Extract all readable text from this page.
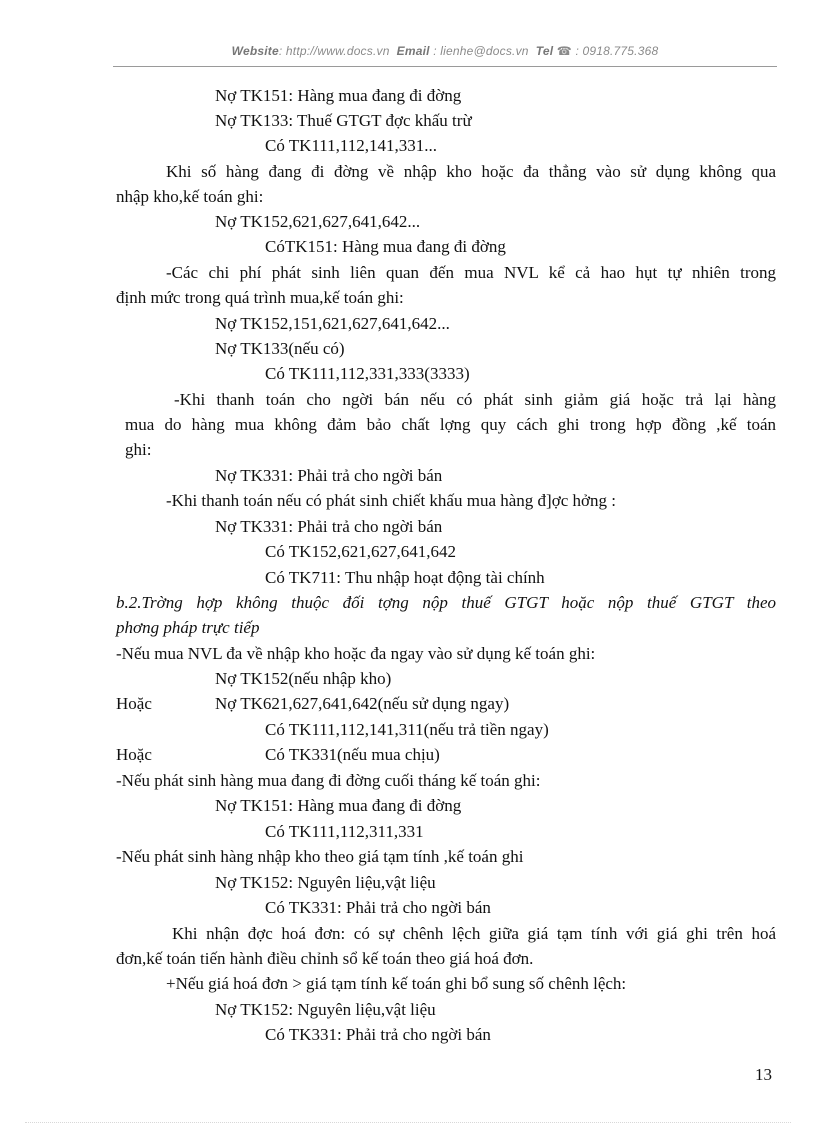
Website: http://www.docs.vn Email : lienhe@docs.vn Tel ☎ : 0918.775.368
Nợ TK151: Hàng mua đang đi đờng
Nợ TK133: Thuế GTGT đợc khấu trừ
Có TK111,112,141,331...
Khi số hàng đang đi đờng về nhập kho hoặc đa thẳng vào sử dụng không qua
nhập kho,kế toán ghi:
Nợ TK152,621,627,641,642...
CóTK151: Hàng mua đang đi đờng
-Các chi phí phát sinh liên quan đến mua NVL kể cả hao hụt tự nhiên trong
định mức trong quá trình mua,kế toán ghi:
Nợ TK152,151,621,627,641,642...
Nợ TK133(nếu có)
Có TK111,112,331,333(3333)
-Khi thanh toán cho ngời bán nếu có phát sinh giảm giá hoặc trả lại hàng
mua do hàng mua không đảm bảo chất lợng quy cách ghi trong hợp đồng ,kế toán
ghi:
Nợ TK331: Phải trả cho ngời bán
-Khi thanh toán nếu có phát sinh chiết khấu mua hàng đ]ợc hởng :
Nợ TK331: Phải trả cho ngời bán
Có TK152,621,627,641,642
Có TK711: Thu nhập hoạt động tài chính
b.2.Trờng hợp không thuộc đối tợng nộp thuế GTGT hoặc nộp thuế GTGT theo
phơng pháp trực tiếp
-Nếu mua NVL đa về nhập kho hoặc đa ngay vào sử dụng kế toán ghi:
Nợ TK152(nếu nhập kho)
Hoặc	Nợ TK621,627,641,642(nếu sử dụng ngay)
Có TK111,112,141,311(nếu trả tiền ngay)
Hoặc	Có TK331(nếu mua chịu)
-Nếu phát sinh hàng mua đang đi đờng cuối tháng kế toán ghi:
Nợ TK151: Hàng mua đang đi đờng
Có TK111,112,311,331
-Nếu phát sinh hàng nhập kho theo giá tạm tính ,kế toán ghi
Nợ TK152: Nguyên liệu,vật liệu
Có TK331: Phải trả cho ngời bán
Khi nhận đợc hoá đơn: có sự chênh lệch giữa giá tạm tính với giá ghi trên hoá
đơn,kế toán tiến hành điều chỉnh sổ kế toán theo giá hoá đơn.
+Nếu giá hoá đơn > giá tạm tính kế toán ghi bổ sung số chênh lệch:
Nợ TK152: Nguyên liệu,vật liệu
Có TK331: Phải trả cho ngời bán
13
